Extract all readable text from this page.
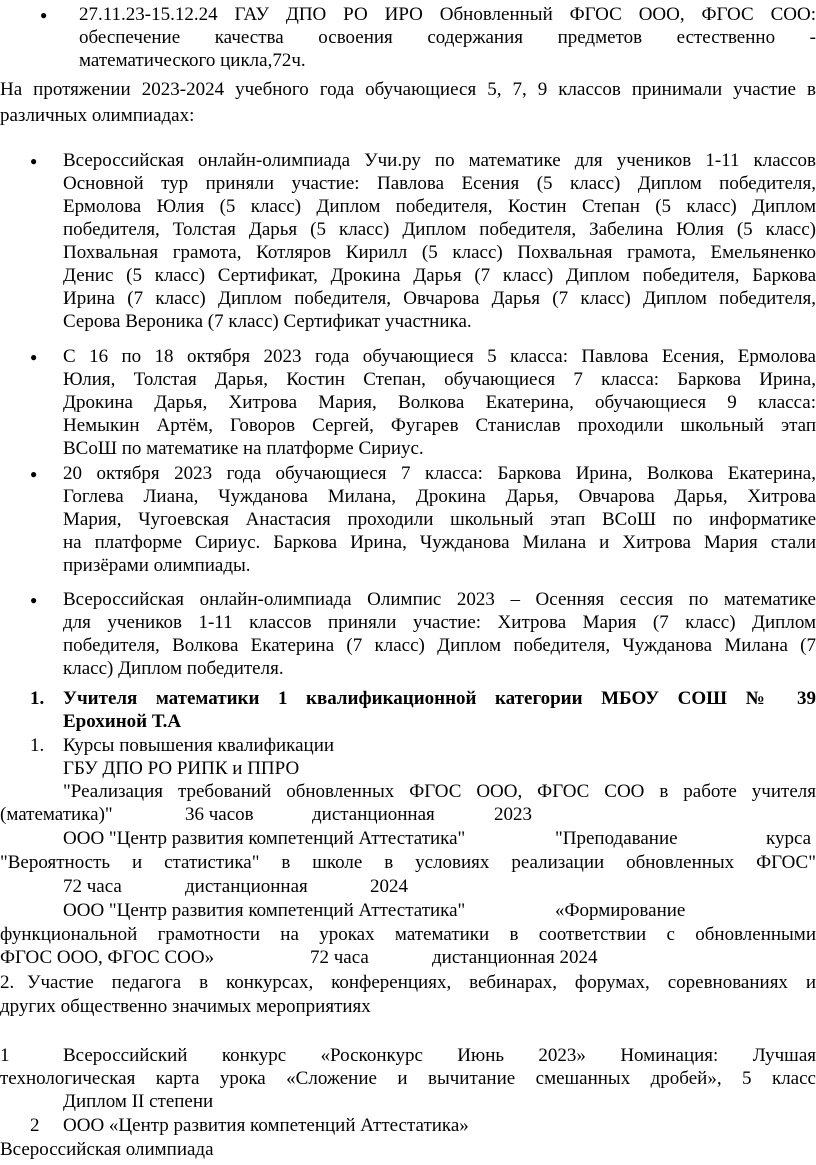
● 27.11.23-15.12.24 ГАУ ДПО РО ИРО Обновленный ФГОС ООО, ФГОС СОО:
обеспечение качества освоения содержания предметов естественно -
математического цикла,72ч.
На протяжении 2023-2024 учебного года обучающиеся 5, 7, 9 классов принимали участие в
различных олимпиадах:
● Всероссийская онлайн-олимпиада Учи.ру по математике для учеников 1-11 классов
Основной тур приняли участие: Павлова Есения (5 класс) Диплом победителя,
Ермолова Юлия (5 класс) Диплом победителя, Костин Степан (5 класс) Диплом
победителя, Толстая Дарья (5 класс) Диплом победителя, Забелина Юлия (5 класс)
Похвальная грамота, Котляров Кирилл (5 класс) Похвальная грамота, Емельяненко
Денис (5 класс) Сертификат, Дрокина Дарья (7 класс) Диплом победителя, Баркова
Ирина (7 класс) Диплом победителя, Овчарова Дарья (7 класс) Диплом победителя,
Серова Вероника (7 класс) Сертификат участника.
● С 16 по 18 октября 2023 года обучающиеся 5 класса: Павлова Есения, Ермолова
Юлия, Толстая Дарья, Костин Степан, обучающиеся 7 класса: Баркова Ирина,
Дрокина Дарья, Хитрова Мария, Волкова Екатерина, обучающиеся 9 класса:
Немыкин Артём, Говоров Сергей, Фугарев Станислав проходили школьный этап
ВСоШ по математике на платформе Сириус.
● 20 октября 2023 года обучающиеся 7 класса: Баркова Ирина, Волкова Екатерина,
Гоглева Лиана, Чужданова Милана, Дрокина Дарья, Овчарова Дарья, Хитрова
Мария, Чугоевская Анастасия проходили школьный этап ВСоШ по информатике
на платформе Сириус. Баркова Ирина, Чужданова Милана и Хитрова Мария стали
призёрами олимпиады.
● Всероссийская онлайн-олимпиада Олимпис 2023 – Осенняя сессия по математике
для учеников 1-11 классов приняли участие: Хитрова Мария (7 класс) Диплом
победителя, Волкова Екатерина (7 класс) Диплом победителя, Чужданова Милана (7
класс) Диплом победителя.
1. Учителя математики 1 квалификационной категории МБОУ СОШ № 39
Ерохиной Т.А
1. Курсы повышения квалификации
ГБУ ДПО РО РИПК и ППРО
"Реализация требований обновленных ФГОС ООО, ФГОС СОО в работе учителя
(математика)"	36 часов	дистанционная	2023
ООО "Центр развития компетенций Аттестатика"	"Преподавание	курса
"Вероятность и статистика" в школе в условиях реализации обновленных ФГОС"
72 часа	дистанционная	2024
ООО "Центр развития компетенций Аттестатика"	«Формирование
функциональной грамотности на уроках математики в соответствии с обновленными
ФГОС ООО, ФГОС СОО»	72 часа	дистанционная 2024
2. Участие педагога в конкурсах, конференциях, вебинарах, форумах, соревнованиях и
других общественно значимых мероприятиях
1	Всероссийский конкурс «Росконкурс Июнь 2023» Номинация: Лучшая
технологическая карта урока «Сложение и вычитание смешанных дробей», 5 класс
Диплом II степени
2 ООО «Центр развития компетенций Аттестатика»
Всероссийская олимпиада
